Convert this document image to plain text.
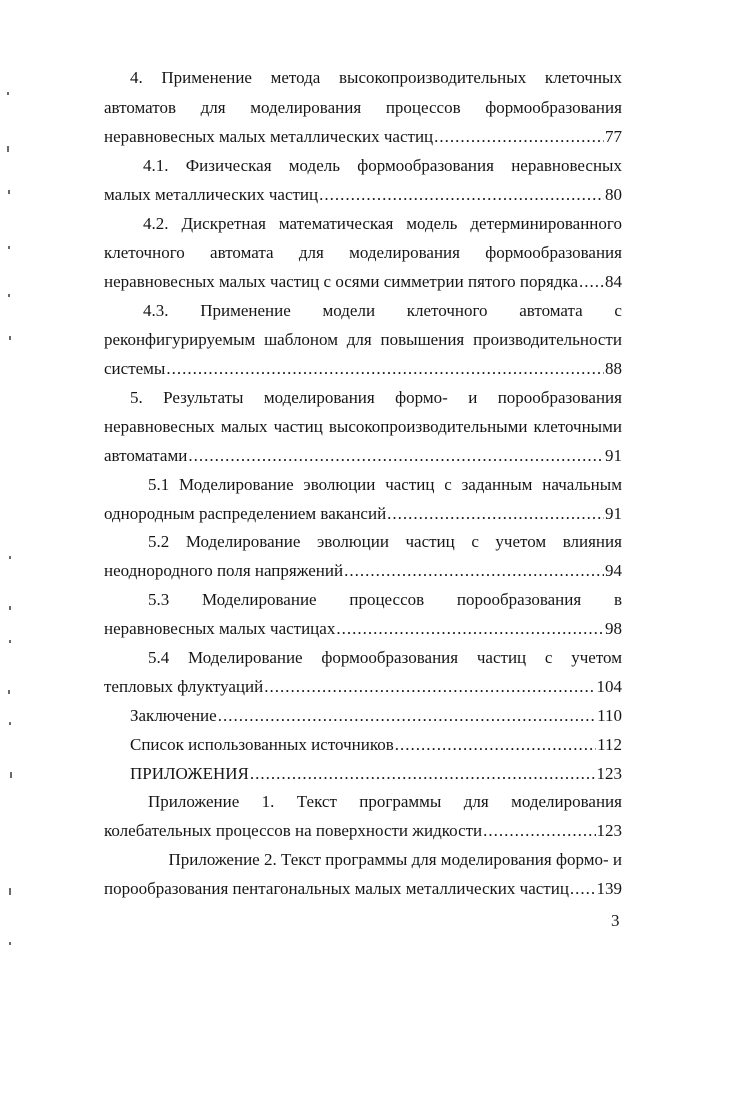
4. Применение метода высокопроизводительных клеточных
автоматов для моделирования процессов формообразования
неравновесных малых металлических частиц .....	77
4.1. Физическая модель формообразования неравновесных
малых металлических частиц .....	80
4.2. Дискретная математическая модель детерминированного
клеточного автомата для моделирования формообразования
неравновесных малых частиц с осями симметрии пятого порядка ..... 84
4.3. Применение модели клеточного автомата с
реконфигурируемым шаблоном для повышения производительности
системы .....	88
5. Результаты моделирования формо- и порообразования
неравновесных малых частиц высокопроизводительными клеточными
автоматами .....	91
5.1 Моделирование эволюции частиц с заданным начальным
однородным распределением вакансий .....	91
5.2 Моделирование эволюции частиц с учетом влияния
неоднородного поля напряжений .....	94
5.3 Моделирование процессов порообразования в
неравновесных малых частицах .....	98
5.4 Моделирование формообразования частиц с учетом
тепловых флуктуаций .....	104
Заключение .....	110
Список использованных источников .....	112
ПРИЛОЖЕНИЯ .....	123
Приложение 1. Текст программы для моделирования
колебательных процессов на поверхности жидкости .....	123
Приложение 2. Текст программы для моделирования формо- и
порообразования пентагональных малых металлических частиц ..... 139
3
